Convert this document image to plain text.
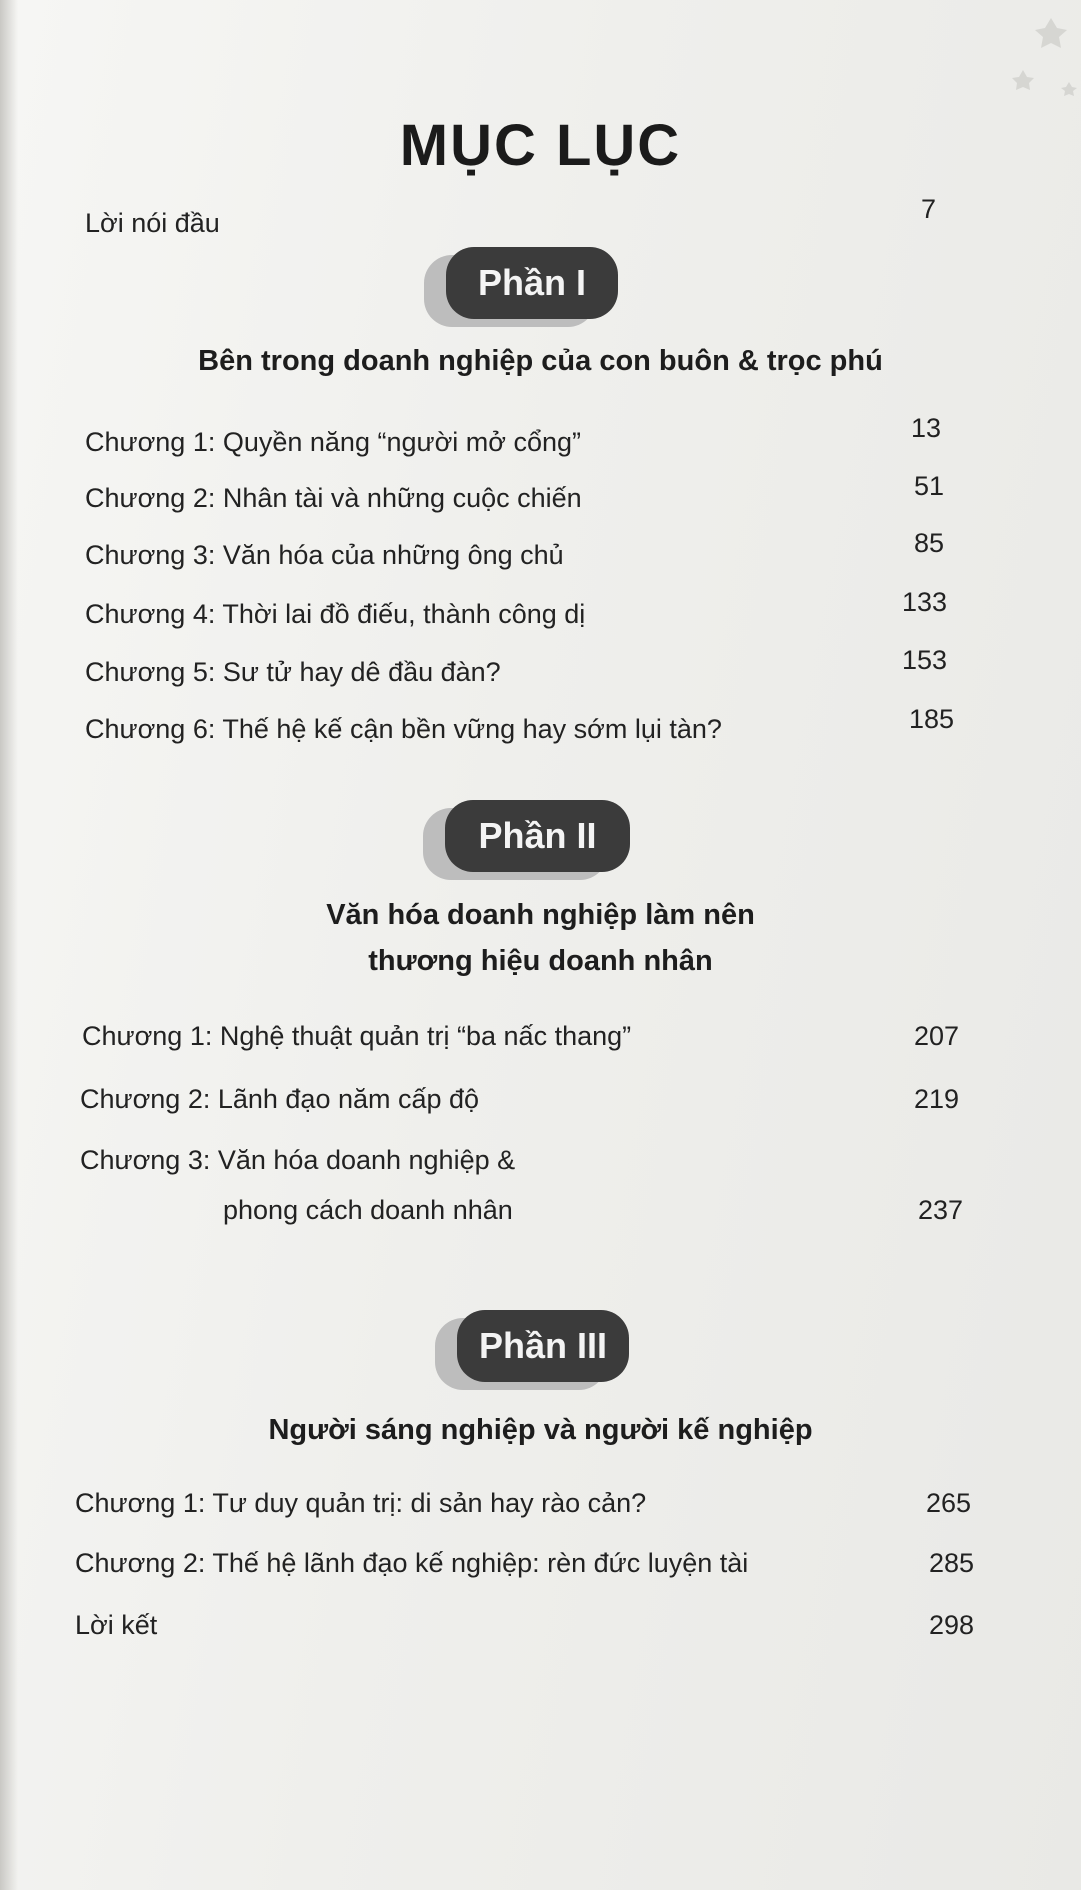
MỤC LỤC
Lời nói đầu	7
Phần I
Bên trong doanh nghiệp của con buôn & trọc phú
Chương 1: Quyền năng “người mở cổng”	13
Chương 2: Nhân tài và những cuộc chiến	51
Chương 3: Văn hóa của những ông chủ	85
Chương 4: Thời lai đồ điếu, thành công dị	133
Chương 5: Sư tử hay dê đầu đàn?	153
Chương 6: Thế hệ kế cận bền vững hay sớm lụi tàn?	185
Phần II
Văn hóa doanh nghiệp làm nên
thương hiệu doanh nhân
Chương 1: Nghệ thuật quản trị “ba nấc thang”	207
Chương 2: Lãnh đạo năm cấp độ	219
Chương 3: Văn hóa doanh nghiệp &
phong cách doanh nhân	237
Phần III
Người sáng nghiệp và người kế nghiệp
Chương 1: Tư duy quản trị: di sản hay rào cản?	265
Chương 2: Thế hệ lãnh đạo kế nghiệp: rèn đức luyện tài	285
Lời kết	298
